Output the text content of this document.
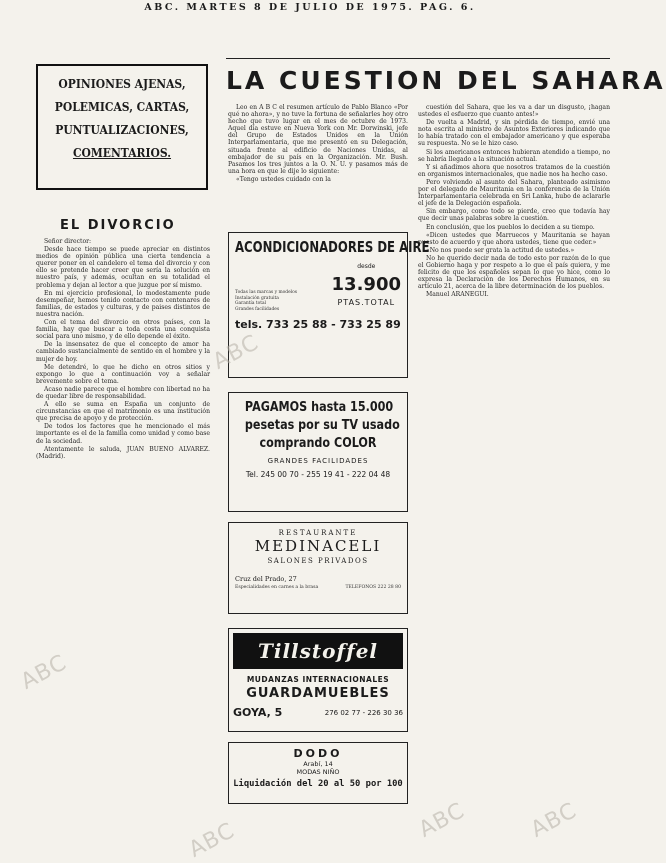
ABC. MARTES 8 DE JULIO DE 1975. PAG. 6.
OPINIONES AJENAS,
POLEMICAS, CARTAS,
PUNTUALIZACIONES,
COMENTARIOS.
EL DIVORCIO

Señor director:

Desde hace tiempo se puede apreciar en distintos medios de opinión pública una cierta tendencia a querer poner en el candelero el tema del divorcio y con ello se pretende hacer creer que sería la solución en nuestro país, y además, ocultan en su totalidad el problema y dejan al lector a que juzgue por sí mismo.

En mi ejercicio profesional, lo modestamente pude desempeñar, hemos tenido contacto con centenares de familias, de estados y culturas, y de paises distintos de nuestra nación.

Con el tema del divorcio en otros países, con la familia, hay que buscar a toda costa una conquista social para uno mismo, y de ello depende el éxito.

De la insensatez de que el concepto de amor ha cambiado sustancialmente de sentido en el hombre y la mujer de hoy.

Me detendré, lo que he dicho en otros sitios y expongo lo que a continuación voy a señalar brevemente sobre el tema.

Acaso nadie parece que el hombre con libertad no ha de quedar libre de responsabilidad.

A ello se suma en España un conjunto de circunstancias en que el matrimonio es una institución que precisa de apoyo y de protección.

De todos los factores que he mencionado el más importante es el de la familia como unidad y como base de la sociedad.

Atentamente le saluda, JUAN BUENO ALVAREZ. (Madrid).

LA CUESTION DEL SAHARA

Leo en A B C el resumen artículo de Pablo Blanco «Por qué no ahora», y no tuve la fortuna de señalarles hoy otro hecho que tuvo lugar en el mes de octubre de 1973. Aquel día estuve en Nueva York con Mr. Dorwinski, jefe del Grupo de Estados Unidos en la Unión Interparlamentaria, que me presentó en su Delegación, situada frente al edificio de Naciones Unidas, al embajador de su país en la Organización. Mr. Bush. Pasamos los tres juntos a la O. N. U. y pasamos más de una hora en que le dije lo siguiente:

«Tengo ustedes cuidado con la

cuestión del Sahara, que les va a dar un disgusto, ¡hagan ustedes el esfuerzo que cuanto antes!»

De vuelta a Madrid, y sin pérdida de tiempo, envié una nota escrita al ministro de Asuntos Exteriores indicando que lo había tratado con el embajador americano y que esperaba su respuesta. No se le hizo caso.

Si los americanos entonces hubieran atendido a tiempo, no se habría llegado a la situación actual.

Y si añadimos ahora que nosotros tratamos de la cuestión en organismos internacionales, que nadie nos ha hecho caso.

Pero volviendo al asunto del Sahara, planteado asimismo por el delegado de Mauritania en la conferencia de la Unión Interparlamentaria celebrada en Sri Lanka, hubo de aclararle el jefe de la Delegación española.

Sin embargo, como todo se pierde, creo que todavía hay que decir unas palabras sobre la cuestión.

En conclusión, que los pueblos lo deciden a su tiempo.

«Dicen ustedes que Marruecos y Mauritania se hayan puesto de acuerdo y que ahora ustedes, tiene que ceder.»

«No nos puede ser grata la actitud de ustedes.»

No he querido decir nada de todo esto por razón de lo que el Gobierno haga y por respeto a lo que el país quiera, y me felicito de que los españoles sepan lo que yo hice, como lo expresa la Declaración de los Derechos Humanos, en su artículo 21, acerca de la libre determinación de los pueblos.

Manuel ARANEGUI.

ACONDICIONADORES DE AIRE
Todas las marcas y modelos
Instalación gratuita
Garantía total
Grandes facilidades
desde
13.900
PTAS.TOTAL
tels. 733 25 88 - 733 25 89
PAGAMOS hasta 15.000
pesetas por su TV usado
comprando COLOR
GRANDES FACILIDADES
Tel. 245 00 70 - 255 19 41 - 222 04 48
RESTAURANTE
MEDINACELI
SALONES PRIVADOS
Cruz del Prado, 27
Especialidades en carnes a la brasa	TELEFONOS 222 28 80
Tillstoffel
MUDANZAS INTERNACIONALES
GUARDAMUEBLES
GOYA, 5	276 02 77 - 226 30 36
DODO
Arabí, 14
MODAS NIÑO
Liquidación del 20 al 50 por 100
ABC
ABC
ABC
ABC	ABC
